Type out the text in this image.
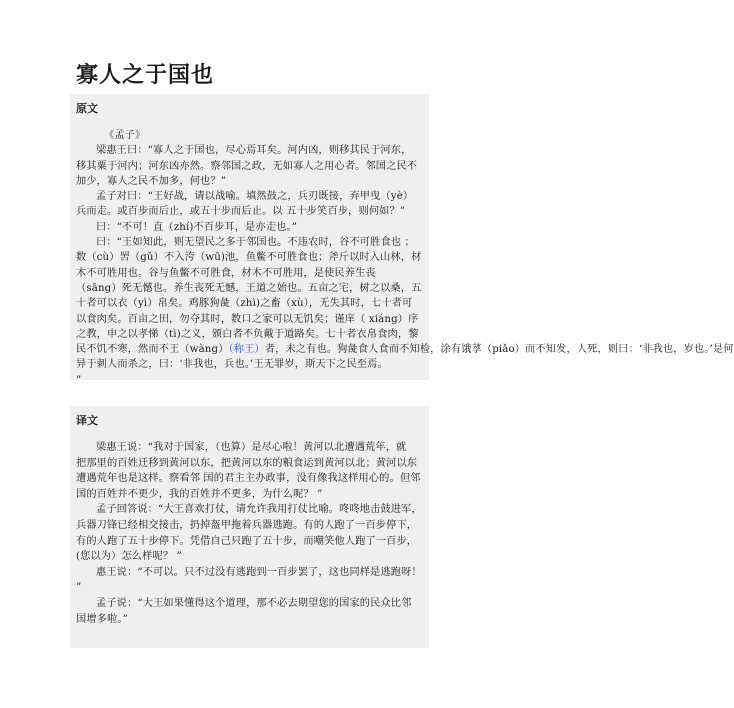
寡人之于国也
原文

《孟子》

梁惠王曰：“寡人之于国也，尽心焉耳矣。河内凶，则移其民于河东，

移其粟于河内；河东凶亦然。察邻国之政，无如寡人之用心者。邻国之民不

加少，寡人之民不加多，何也？”

孟子对曰：“王好战，请以战喻。填然鼓之，兵刃既接，弃甲曳（yè）

兵而走。或百步而后止，或五十步而后止。以 五十步笑百步，则何如？”

曰：“不可！直（zhí)不百步耳，是亦走也。”

曰：“王如知此，则无望民之多于邻国也。不违农时，谷不可胜食也 ；

数（cù）罟（gǔ）不入洿（wū)池，鱼鳖不可胜食也；斧斤以时入山林，材

木不可胜用也。谷与鱼鳖不可胜食，材木不可胜用，是使民养生丧

（sāng）死无憾也。养生丧死无憾，王道之始也。五亩之宅，树之以桑，五

十者可以衣（yì）帛矣。鸡豚狗彘（zhì)之畜（xù），无失其时，七十者可

以食肉矣。百亩之田，勿夺其时，数口之家可以无饥矣；谨庠（ xiáng）序

之教，申之以孝悌（tì)之义，颁白者不负戴于道路矣。七十者衣帛食肉，黎

民不饥不寒，然而不王（wàng）（称王）者，未之有也。狗彘食人食而不知检，涂有饿莩（piǎo）而不知发，人死，则曰：‘非我也，岁也。’是何

异于刺人而杀之，曰：‘非我也，兵也。’王无罪岁，斯天下之民至焉。

”

译文

梁惠王说：“我对于国家，（也算）是尽心啦！黄河以北遭遇荒年，就

把那里的百姓迁移到黄河以东，把黄河以东的粮食运到黄河以北；黄河以东

遭遇荒年也是这样。察看邻 国的君主主办政事，没有像我这样用心的。但邻

国的百姓并不更少，我的百姓并不更多，为什么呢？ ”

孟子回答说：“大王喜欢打仗，请允许我用打仗比喻。咚咚地击鼓进军，

兵器刀锋已经相交接击，扔掉盔甲拖着兵器逃跑。有的人跑了一百步停下，

有的人跑了五十步停下。凭借自己只跑了五十步，而嘲笑他人跑了一百步，

(您以为）怎么样呢？ ”

惠王说：“不可以。只不过没有逃跑到一百步罢了，这也同样是逃跑呀！

”

孟子说：“大王如果懂得这个道理，那不必去期望您的国家的民众比邻

国增多啦。”
